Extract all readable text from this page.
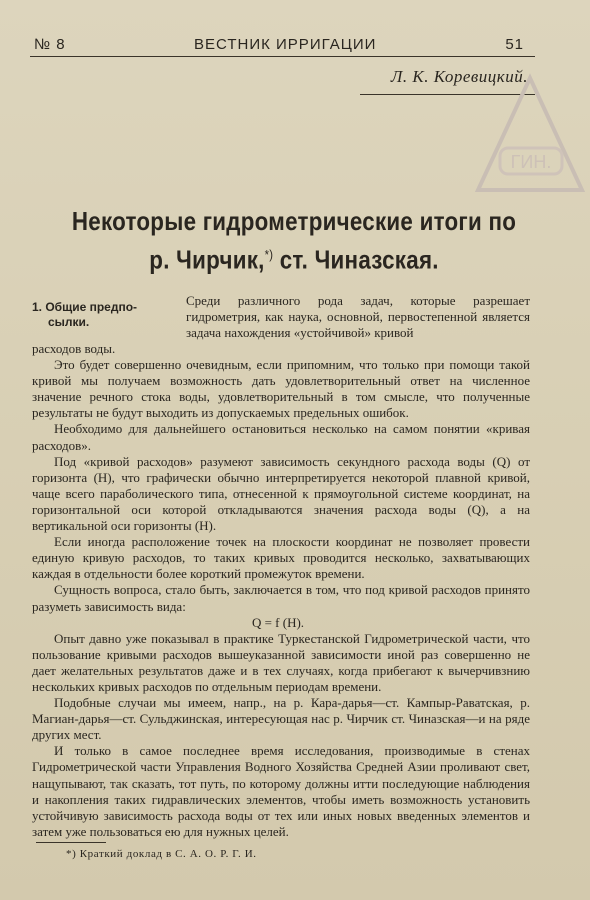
№ 8	ВЕСТНИК ИРРИГАЦИИ	51
Л. К. Коревицкий.
ГИН.
Некоторые гидрометрические итоги по
р. Чирчик,*) ст. Чиназская.
1. Общие предпо-
сылки.

Среди различного рода задач, которые разрешает гидрометрия, как наука, основной, первостепенной является задача нахождения «устойчивой» кривой

расходов воды.

Это будет совершенно очевидным, если припомним, что только при помощи такой кривой мы получаем возможность дать удовлетворительный ответ на численное значение речного стока воды, удовлетворительный в том смысле, что полученные результаты не будут выходить из допускаемых предельных ошибок.

Необходимо для дальнейшего остановиться несколько на самом понятии «кривая расходов».

Под «кривой расходов» разумеют зависимость секундного расхода воды (Q) от горизонта (H), что графически обычно интерпретируется некоторой плавной кривой, чаще всего параболического типа, отнесенной к прямоугольной системе координат, на горизонтальной оси которой откладываются значения расхода воды (Q), а на вертикальной оси горизонты (H).

Если иногда расположение точек на плоскости координат не позволяет провести единую кривую расходов, то таких кривых проводится несколько, захватывающих каждая в отдельности более короткий промежуток времени.

Сущность вопроса, стало быть, заключается в том, что под кривой расходов принято разуметь зависимость вида:

Q = f (H).

Опыт давно уже показывал в практике Туркестанской Гидрометрической части, что пользование кривыми расходов вышеуказанной зависимости иной раз совершенно не дает желательных результатов даже и в тех случаях, когда прибегают к вычерчивзнию нескольких кривых расходов по отдельным периодам времени.

Подобные случаи мы имеем, напр., на р. Кара-дарья—ст. Кампыр-Раватская, р. Магиан-дарья—ст. Сульджинская, интересующая нас р. Чирчик ст. Чиназская—и на ряде других мест.

И только в самое последнее время исследования, производимые в стенах Гидрометрической части Управления Водного Хозяйства Средней Азии проливают свет, нащупывают, так сказать, тот путь, по которому должны итти последующие наблюдения и накопления таких гидравлических элементов, чтобы иметь возможность установить устойчивую зависимость расхода воды от тех или иных новых введенных элементов и затем уже пользоваться ею для нужных целей.

*) Краткий доклад в С. А. О. Р. Г. И.
